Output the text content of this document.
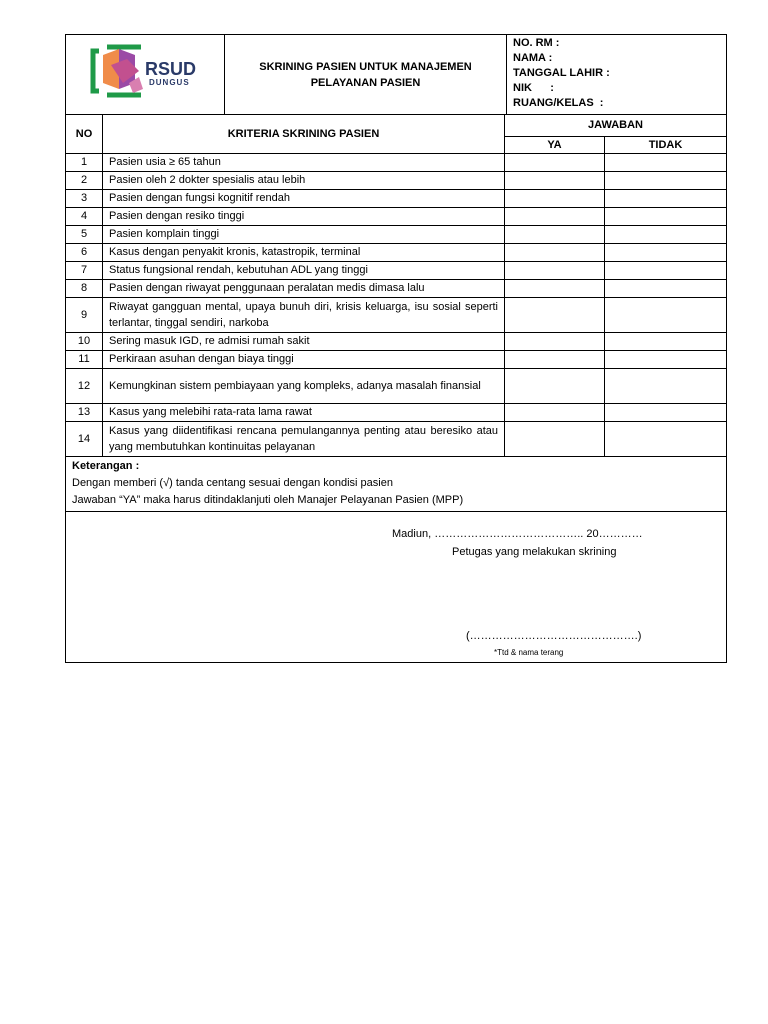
RSUD
DUNGUS

SKRINING PASIEN UNTUK MANAJEMEN
PELAYANAN PASIEN

NO. RM :
NAMA :
TANGGAL LAHIR :
NIK      :
RUANG/KELAS  :
NO	KRITERIA SKRINING PASIEN	JAWABAN	
		YA	TIDAK
1	Pasien usia ≥ 65 tahun		
2	Pasien oleh 2 dokter spesialis atau lebih		
3	Pasien dengan fungsi kognitif rendah		
4	Pasien dengan resiko tinggi		
5	Pasien komplain tinggi		
6	Kasus dengan penyakit kronis, katastropik, terminal		
7	Status fungsional rendah, kebutuhan ADL yang tinggi		
8	Pasien dengan riwayat penggunaan peralatan medis dimasa lalu		
9	Riwayat gangguan mental, upaya bunuh diri, krisis keluarga, isu sosial seperti terlantar, tinggal sendiri, narkoba		
10	Sering masuk IGD, re admisi rumah sakit		
11	Perkiraan asuhan dengan biaya tinggi		
12	Kemungkinan sistem pembiayaan yang kompleks, adanya masalah finansial		
13	Kasus yang melebihi rata-rata lama rawat		
14	Kasus yang diidentifikasi rencana pemulangannya penting atau beresiko atau yang membutuhkan kontinuitas pelayanan		

Keterangan :
Dengan memberi (√) tanda centang sesuai dengan kondisi pasien
Jawaban “YA” maka harus ditindaklanjuti oleh Manajer Pelayanan Pasien (MPP)			

Madiun, ………………………………….. 20…………
Petugas yang melakukan skrining
(……………………………………….)
*Ttd & nama terang			
